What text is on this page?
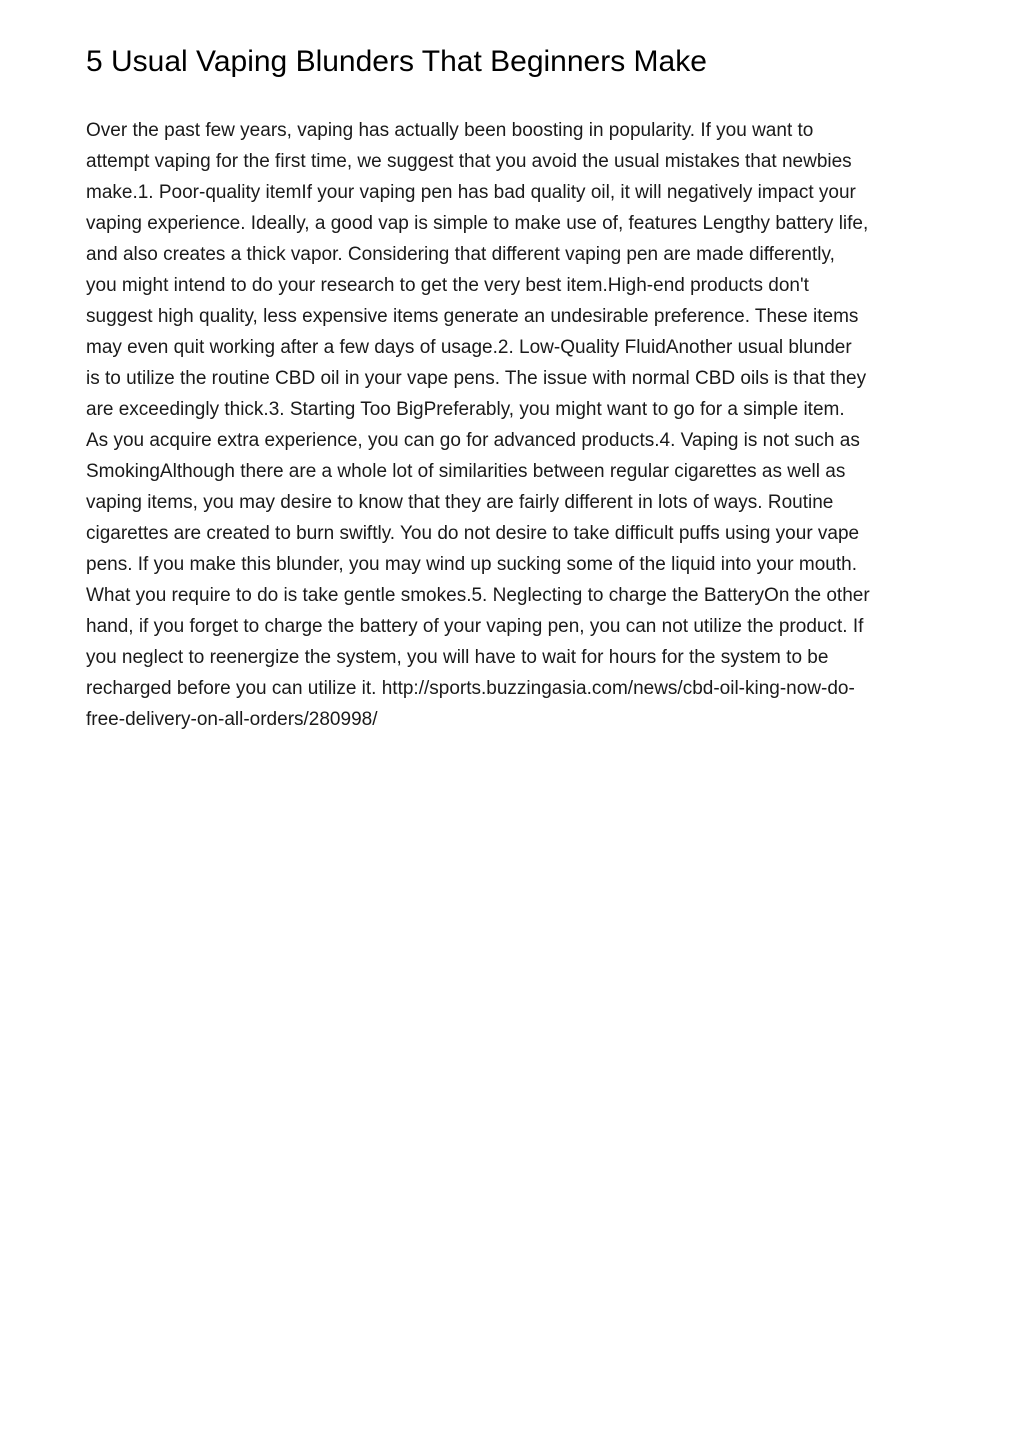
5 Usual Vaping Blunders That Beginners Make

Over the past few years, vaping has actually been boosting in popularity. If you want to
attempt vaping for the first time, we suggest that you avoid the usual mistakes that newbies
make.1. Poor-quality itemIf your vaping pen has bad quality oil, it will negatively impact your
vaping experience. Ideally, a good vap is simple to make use of, features Lengthy battery life,
and also creates a thick vapor. Considering that different vaping pen are made differently,
you might intend to do your research to get the very best item.High-end products don't
suggest high quality, less expensive items generate an undesirable preference. These items
may even quit working after a few days of usage.2. Low-Quality FluidAnother usual blunder
is to utilize the routine CBD oil in your vape pens. The issue with normal CBD oils is that they
are exceedingly thick.3. Starting Too BigPreferably, you might want to go for a simple item.
As you acquire extra experience, you can go for advanced products.4. Vaping is not such as
SmokingAlthough there are a whole lot of similarities between regular cigarettes as well as
vaping items, you may desire to know that they are fairly different in lots of ways. Routine
cigarettes are created to burn swiftly. You do not desire to take difficult puffs using your vape
pens. If you make this blunder, you may wind up sucking some of the liquid into your mouth.
What you require to do is take gentle smokes.5. Neglecting to charge the BatteryOn the other
hand, if you forget to charge the battery of your vaping pen, you can not utilize the product. If
you neglect to reenergize the system, you will have to wait for hours for the system to be
recharged before you can utilize it. http://sports.buzzingasia.com/news/cbd-oil-king-now-do-
free-delivery-on-all-orders/280998/
